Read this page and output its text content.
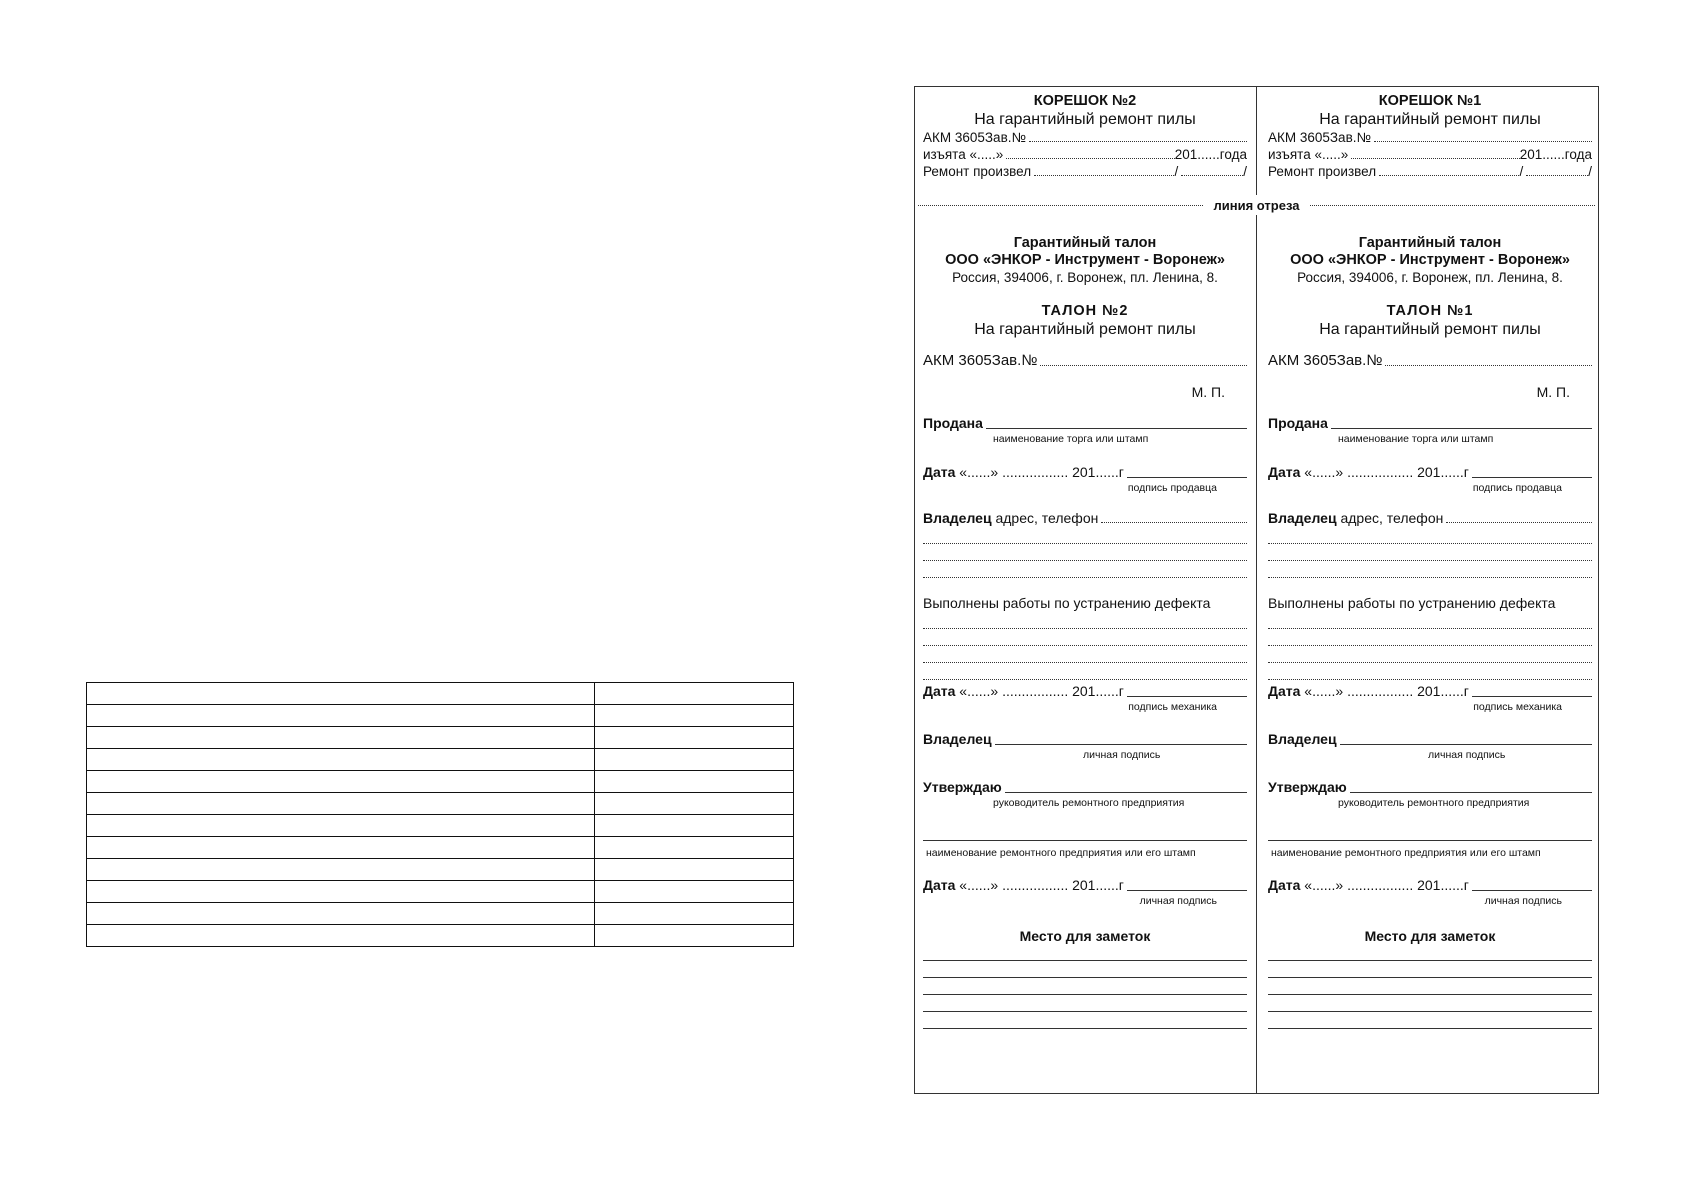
линия отреза
КОРЕШОК №2
На гарантийный ремонт пилы
АКМ 3605 Зав.№
изъята «.....»	201...... года
Ремонт произвел	/	/
КОРЕШОК №1
На гарантийный ремонт пилы
АКМ 3605 Зав.№
изъята «.....»	201...... года
Ремонт произвел	/	/
Гарантийный талон
ООО «ЭНКОР - Инструмент - Воронеж»
Россия, 394006, г. Воронеж, пл. Ленина, 8.
ТАЛОН №2
На гарантийный ремонт пилы
АКМ 3605 Зав.№
М. П.
Продана
наименование торга или штамп
Дата
«......» ................. 201......г
подпись продавца
Владелец
адрес, телефон
Выполнены работы по устранению дефекта
Дата
«......» ................. 201......г
подпись механика
Владелец
личная подпись
Утверждаю
руководитель ремонтного предприятия
наименование ремонтного предприятия или его штамп
Дата
«......» ................. 201......г
личная подпись
Место для заметок
Гарантийный талон
ООО «ЭНКОР - Инструмент - Воронеж»
Россия, 394006, г. Воронеж, пл. Ленина, 8.
ТАЛОН №1
На гарантийный ремонт пилы
АКМ 3605 Зав.№
М. П.
Продана
наименование торга или штамп
Дата
«......» ................. 201......г
подпись продавца
Владелец
адрес, телефон
Выполнены работы по устранению дефекта
Дата
«......» ................. 201......г
подпись механика
Владелец
личная подпись
Утверждаю
руководитель ремонтного предприятия
наименование ремонтного предприятия или его штамп
Дата
«......» ................. 201......г
личная подпись
Место для заметок
